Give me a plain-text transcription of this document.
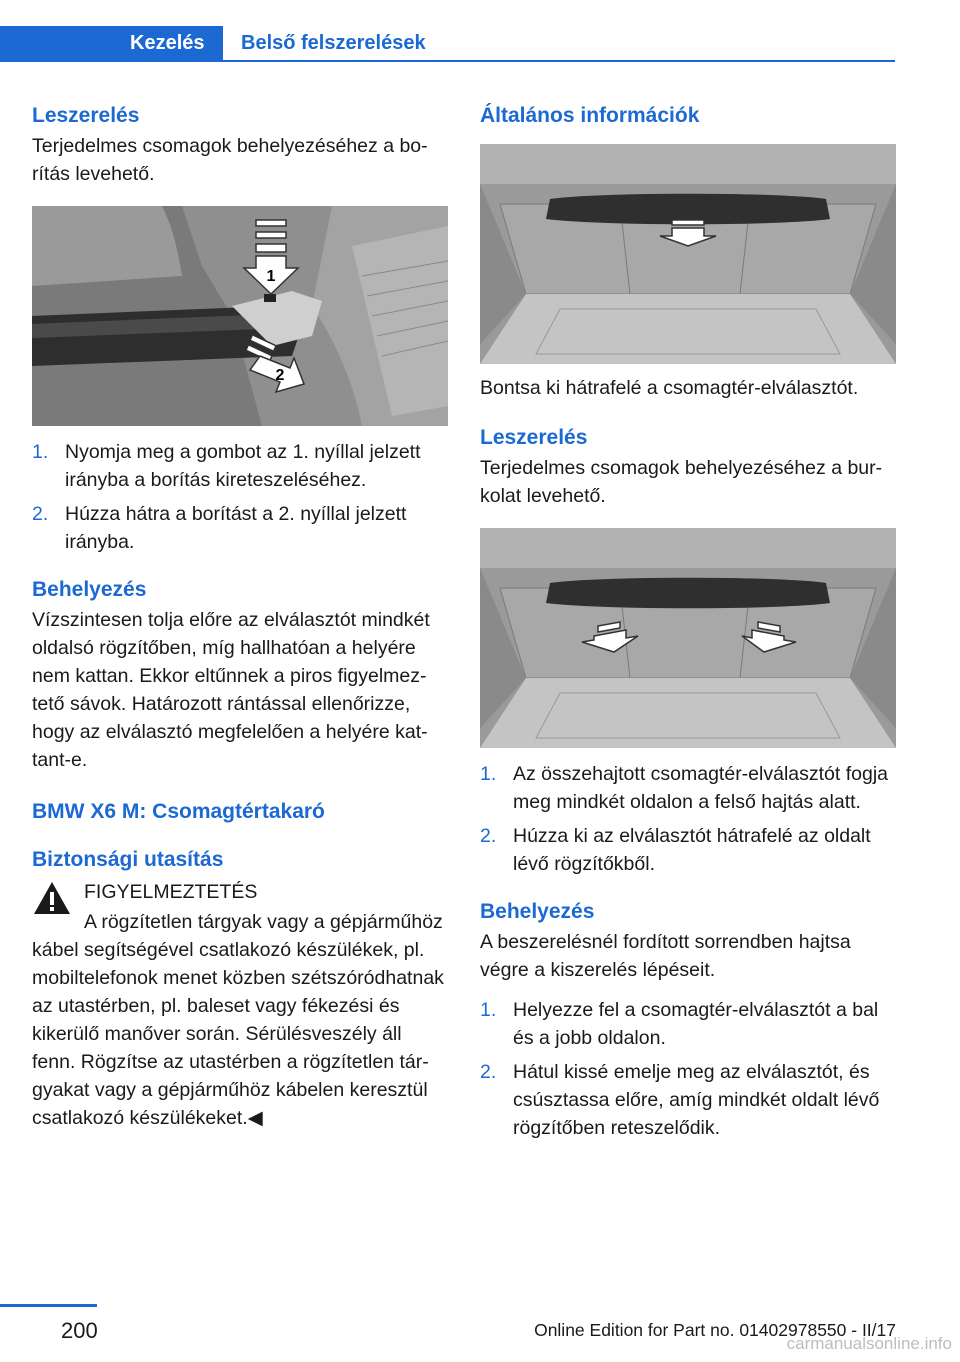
Kezelés	Belső felszerelések
Leszerelés

Terjedelmes csomagok behelyezéséhez a borítás levehető.

1
2
1. Nyomja meg a gombot az 1. nyíllal jelzett irányba a borítás kireteszeléséhez.
2. Húzza hátra a borítást a 2. nyíllal jelzett irányba.
Behelyezés

Vízszintesen tolja előre az elválasztót mindkét oldalsó rögzítőben, míg hallhatóan a helyére nem kattan. Ekkor eltűnnek a piros figyelmeztető sávok. Határozott rántással ellenőrizze, hogy az elválasztó megfelelően a helyére kattant-e.

BMW X6 M: Csomagtértakaró
Biztonsági utasítás
FIGYELMEZTETÉS

A rögzítetlen tárgyak vagy a gépjárműhöz kábel segítségével csatlakozó készülékek, pl. mobiltelefonok menet közben szétszóródhatnak az utastérben, pl. baleset vagy fékezési és kikerülő manőver során. Sérülésveszély áll fenn. Rögzítse az utastérben a rögzítetlen tárgyakat vagy a gépjárműhöz kábelen keresztül csatlakozó készülékeket.◀

Általános információk

Bontsa ki hátrafelé a csomagtér-elválasztót.

Leszerelés

Terjedelmes csomagok behelyezéséhez a burkolat levehető.

1. Az összehajtott csomagtér-elválasztót fogja meg mindkét oldalon a felső hajtás alatt.
2. Húzza ki az elválasztót hátrafelé az oldalt lévő rögzítőkből.
Behelyezés

A beszerelésnél fordított sorrendben hajtsa végre a kiszerelés lépéseit.

1. Helyezze fel a csomagtér-elválasztót a bal és a jobb oldalon.
2. Hátul kissé emelje meg az elválasztót, és csúsztassa előre, amíg mindkét oldalt lévő rögzítőben reteszelődik.
200	Online Edition for Part no. 01402978550 - II/17
carmanualsonline.info
